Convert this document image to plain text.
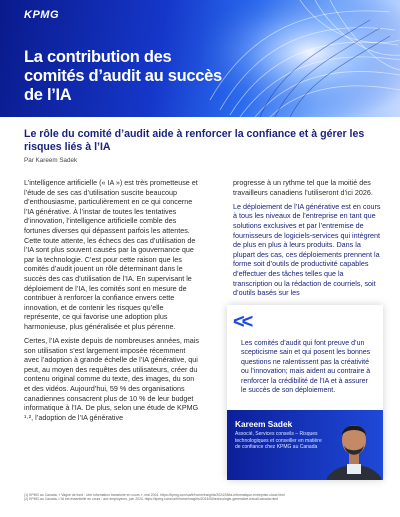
KPMG
La contribution des comités d’audit au succès de l’IA
Le rôle du comité d’audit aide à renforcer la confiance et à gérer les risques liés à l’IA
Par Kareem Sadek

L’intelligence artificielle (« IA ») est très prometteuse et l’étude de ses cas d’utilisation suscite beaucoup d’enthousiasme, particulièrement en ce qui concerne l’IA générative. À l’instar de toutes les tentatives d’innovation, l’intelligence artificielle comble des fortunes diverses qui dépassent parfois les attentes. Cette toute attente, les échecs des cas d’utilisation de l’IA sont plus souvent causés par la gouvernance que par la technologie. C’est pour cette raison que les comités d’audit jouent un rôle déterminant dans le succès des cas d’utilisation de l’IA. En supervisant le déploiement de l’IA, les comités sont en mesure de contribuer à renforcer la confiance envers cette innovation, et de contenir les risques qu’elle représente, ce qui favorise une adoption plus harmonieuse, plus généralisée et plus pérenne.

Certes, l’IA existe depuis de nombreuses années, mais son utilisation s’est largement imposée récemment avec l’adoption à grande échelle de l’IA générative, qui peut, au moyen des requêtes des utilisateurs, créer du contenu original comme du texte, des images, du son et des vidéos. Aujourd’hui, 59 % des organisations canadiennes consacrent plus de 10 % de leur budget informatique à l’IA. De plus, selon une étude de KPMG ¹·², l’adoption de l’IA générative

progresse à un rythme tel que la moitié des travailleurs canadiens l’utiliseront d’ici 2026.

Le déploiement de l’IA générative est en cours à tous les niveaux de l’entreprise en tant que solutions exclusives et par l’entremise de fournisseurs de logiciels-services qui intègrent de plus en plus à leurs produits. Dans la plupart des cas, ces déploiements prennent la forme soit d’outils de productivité capables d’effectuer des tâches telles que la transcription ou la rédaction de courriels, soit d’outils basés sur les

<<
Les comités d’audit qui font preuve d’un scepticisme sain et qui posent les bonnes questions ne ralentissent pas la créativité ou l’innovation; mais aident au contraire à renforcer la crédibilité de l’IA et à assurer le succès de son déploiement.
Kareem Sadek
Associé, Services conseils – Risques technologiques et conseiller en matière de confiance chez KPMG au Canada

(1) KPMG au Canada, « Vague de fond : Une information transitoire en cours », mai 2024. https://kpmg.com/ca/fr/home/insights/2024/05/ia-informatique-entreprise-cloud.html

(2) KPMG au Canada, L’IA est essentielle en cours : aux employeurs, juin 2024. https://kpmg.com/ca/fr/home/insights/2024/06/technologie-generative-travail-canada.html
